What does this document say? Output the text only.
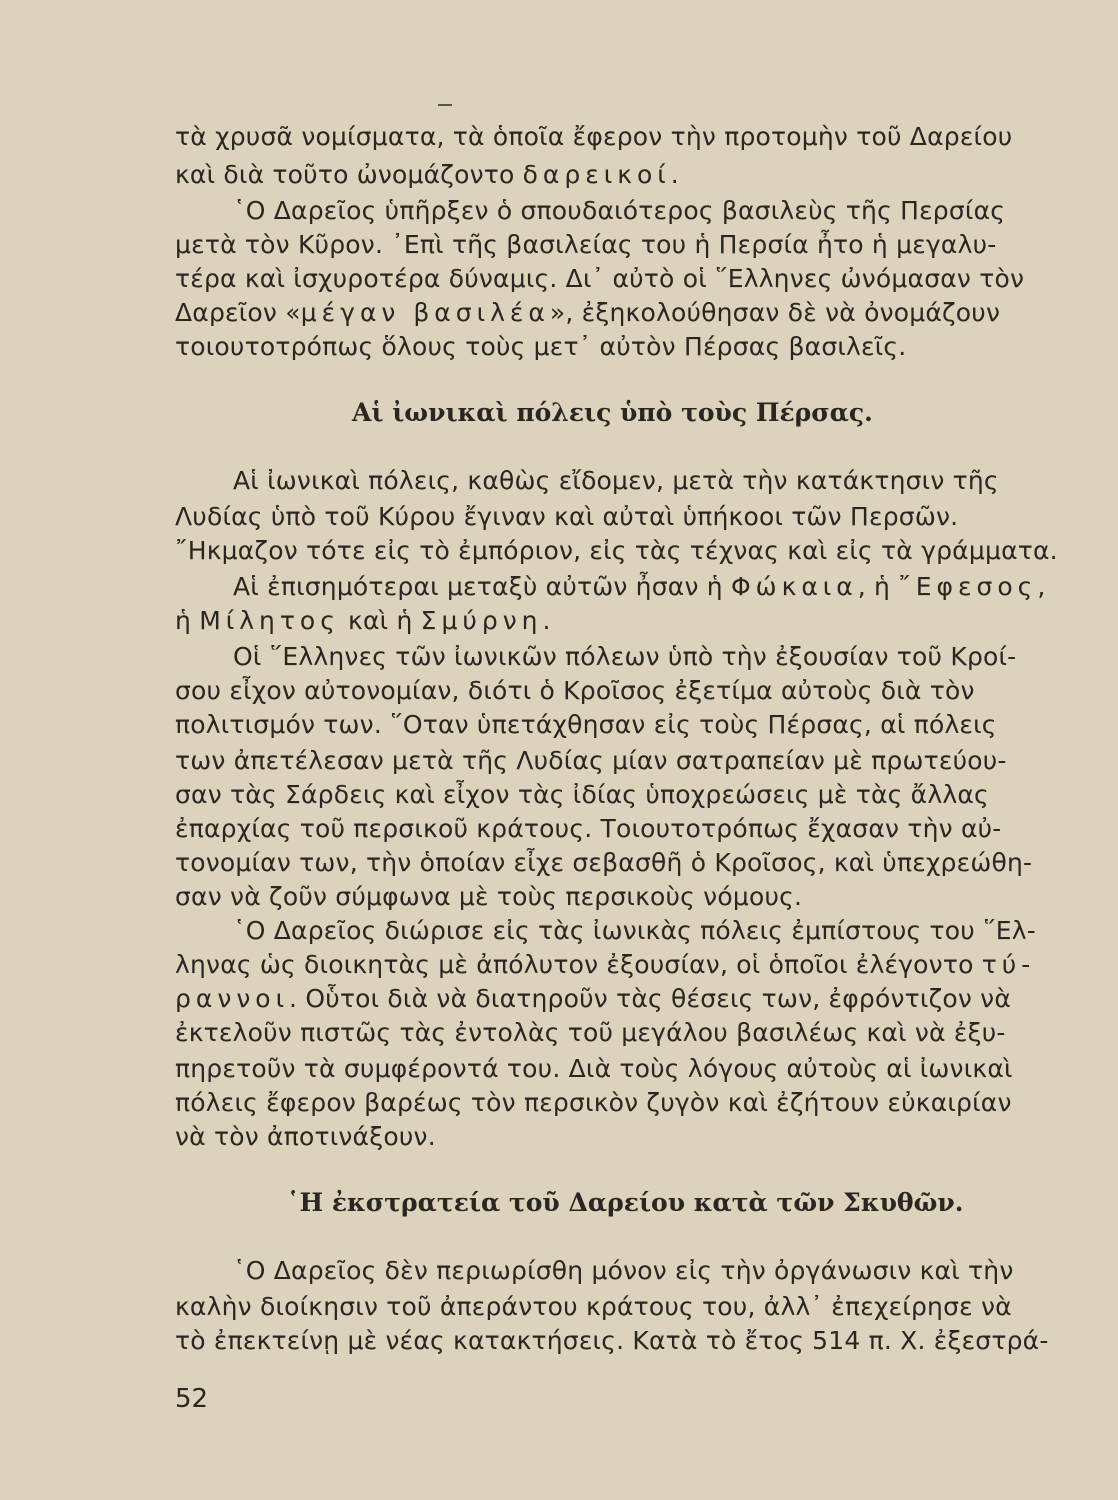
τὰ χρυσᾶ νομίσματα, τὰ ὁποῖα ἔφερον τὴν προτομὴν τοῦ Δαρείου
καὶ διὰ τοῦτο ὠνομάζοντο δαρεικοί.
῾Ο Δαρεῖος ὑπῆρξεν ὁ σπουδαιότερος βασιλεὺς τῆς Περσίας
μετὰ τὸν Κῦρον. ᾿Επὶ τῆς βασιλείας του ἡ Περσία ἦτο ἡ μεγαλυ-
τέρα καὶ ἰσχυροτέρα δύναμις. Δι᾿ αὐτὸ οἱ ῞Ελληνες ὠνόμασαν τὸν
Δαρεῖον «μέγαν βασιλέα», ἐξηκολούθησαν δὲ νὰ ὀνομάζουν
τοιουτοτρόπως ὅλους τοὺς μετ᾿ αὐτὸν Πέρσας βασιλεῖς.
Αἱ ἰωνικαὶ πόλεις ὑπὸ τοὺς Πέρσας.
Αἱ ἰωνικαὶ πόλεις, καθὼς εἴδομεν, μετὰ τὴν κατάκτησιν τῆς
Λυδίας ὑπὸ τοῦ Κύρου ἔγιναν καὶ αὐταὶ ὑπήκοοι τῶν Περσῶν.
῎Ηκμαζον τότε εἰς τὸ ἐμπόριον, εἰς τὰς τέχνας καὶ εἰς τὰ γράμματα.
Αἱ ἐπισημότεραι μεταξὺ αὐτῶν ἦσαν ἡ Φώκαια, ἡ ῎Εφεσος,
ἡ Μίλητος καὶ ἡ Σμύρνη.
Οἱ ῞Ελληνες τῶν ἰωνικῶν πόλεων ὑπὸ τὴν ἐξουσίαν τοῦ Κροί-
σου εἶχον αὐτονομίαν, διότι ὁ Κροῖσος ἐξετίμα αὐτοὺς διὰ τὸν
πολιτισμόν των. ῞Οταν ὑπετάχθησαν εἰς τοὺς Πέρσας, αἱ πόλεις
των ἀπετέλεσαν μετὰ τῆς Λυδίας μίαν σατραπείαν μὲ πρωτεύου-
σαν τὰς Σάρδεις καὶ εἶχον τὰς ἰδίας ὑποχρεώσεις μὲ τὰς ἄλλας
ἐπαρχίας τοῦ περσικοῦ κράτους. Τοιουτοτρόπως ἔχασαν τὴν αὐ-
τονομίαν των, τὴν ὁποίαν εἶχε σεβασθῆ ὁ Κροῖσος, καὶ ὑπεχρεώθη-
σαν νὰ ζοῦν σύμφωνα μὲ τοὺς περσικοὺς νόμους.
῾Ο Δαρεῖος διώρισε εἰς τὰς ἰωνικὰς πόλεις ἐμπίστους του ῞Ελ-
ληνας ὡς διοικητὰς μὲ ἀπόλυτον ἐξουσίαν, οἱ ὁποῖοι ἐλέγοντο τύ-
ραννοι. Οὗτοι διὰ νὰ διατηροῦν τὰς θέσεις των, ἐφρόντιζον νὰ
ἐκτελοῦν πιστῶς τὰς ἐντολὰς τοῦ μεγάλου βασιλέως καὶ νὰ ἐξυ-
πηρετοῦν τὰ συμφέροντά του. Διὰ τοὺς λόγους αὐτοὺς αἱ ἰωνικαὶ
πόλεις ἔφερον βαρέως τὸν περσικὸν ζυγὸν καὶ ἐζήτουν εὐκαιρίαν
νὰ τὸν ἀποτινάξουν.
῾Η ἐκστρατεία τοῦ Δαρείου κατὰ τῶν Σκυθῶν.
῾Ο Δαρεῖος δὲν περιωρίσθη μόνον εἰς τὴν ὀργάνωσιν καὶ τὴν
καλὴν διοίκησιν τοῦ ἀπεράντου κράτους του, ἀλλ᾿ ἐπεχείρησε νὰ
τὸ ἐπεκτείνῃ μὲ νέας κατακτήσεις. Κατὰ τὸ ἔτος 514 π. Χ. ἐξεστρά-
52
